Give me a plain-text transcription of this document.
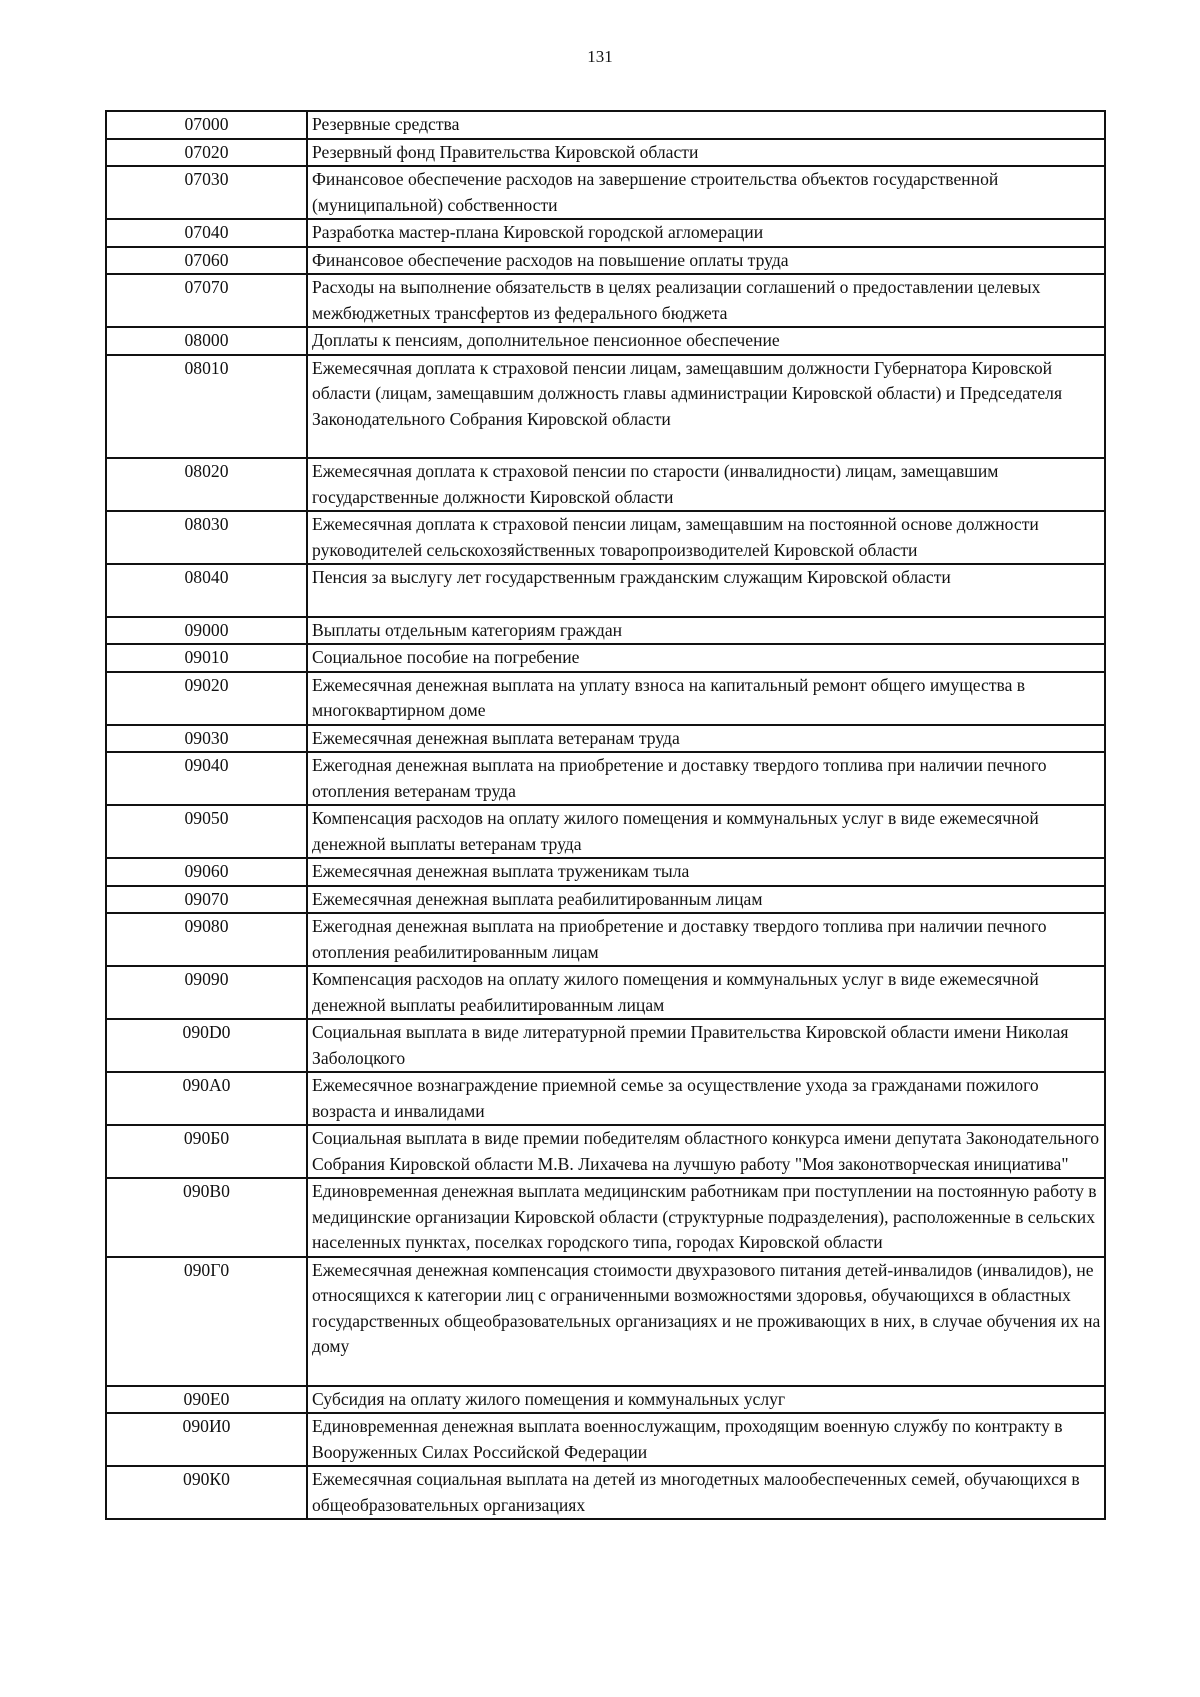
131
07000	Резервные средства
07020	Резервный фонд Правительства Кировской области
07030	Финансовое обеспечение расходов на завершение строительства объектов государственной (муниципальной) собственности
07040	Разработка мастер-плана Кировской городской агломерации
07060	Финансовое обеспечение расходов на повышение оплаты труда
07070	Расходы на выполнение обязательств в целях реализации соглашений о предоставлении целевых межбюджетных трансфертов из федерального бюджета
08000	Доплаты к пенсиям, дополнительное пенсионное обеспечение
08010	Ежемесячная доплата к страховой пенсии лицам, замещавшим должности Губернатора Кировской области (лицам, замещавшим должность главы администрации Кировской области) и Председателя Законодательного Собрания Кировской области
08020	Ежемесячная доплата к страховой пенсии по старости (инвалидности) лицам, замещавшим государственные должности Кировской области
08030	Ежемесячная доплата к страховой пенсии лицам, замещавшим на постоянной основе должности руководителей сельскохозяйственных товаропроизводителей Кировской области
08040	Пенсия за выслугу лет государственным гражданским служащим Кировской области
09000	Выплаты отдельным категориям граждан
09010	Социальное пособие на погребение
09020	Ежемесячная денежная выплата на уплату взноса на капитальный ремонт общего имущества в многоквартирном доме
09030	Ежемесячная денежная выплата ветеранам труда
09040	Ежегодная денежная выплата на приобретение и доставку твердого топлива при наличии печного отопления ветеранам труда
09050	Компенсация расходов на оплату жилого помещения и коммунальных услуг в виде ежемесячной денежной выплаты ветеранам труда
09060	Ежемесячная денежная выплата труженикам тыла
09070	Ежемесячная денежная выплата реабилитированным лицам
09080	Ежегодная денежная выплата на приобретение и доставку твердого топлива при наличии печного отопления реабилитированным лицам
09090	Компенсация расходов на оплату жилого помещения и коммунальных услуг в виде ежемесячной денежной выплаты реабилитированным лицам
090D0	Социальная выплата в виде литературной премии Правительства Кировской области имени Николая Заболоцкого
090A0	Ежемесячное вознаграждение приемной семье за осуществление ухода за гражданами пожилого возраста и инвалидами
090Б0	Социальная выплата в виде премии победителям областного конкурса имени депутата Законодательного Собрания Кировской области М.В. Лихачева на лучшую работу "Моя законотворческая инициатива"
090В0	Единовременная денежная выплата медицинским работникам при поступлении на постоянную работу в медицинские организации Кировской области (структурные подразделения), расположенные в сельских населенных пунктах, поселках городского типа, городах Кировской области
090Г0	Ежемесячная денежная компенсация стоимости двухразового питания детей-инвалидов (инвалидов), не относящихся к категории лиц с ограниченными возможностями здоровья, обучающихся в областных государственных общеобразовательных организациях и не проживающих в них, в случае обучения их на дому
090Е0	Субсидия на оплату жилого помещения и коммунальных услуг
090И0	Единовременная денежная выплата военнослужащим, проходящим военную службу по контракту в Вооруженных Силах Российской Федерации
090К0	Ежемесячная социальная выплата на детей из многодетных малообеспеченных семей, обучающихся в общеобразовательных организациях
